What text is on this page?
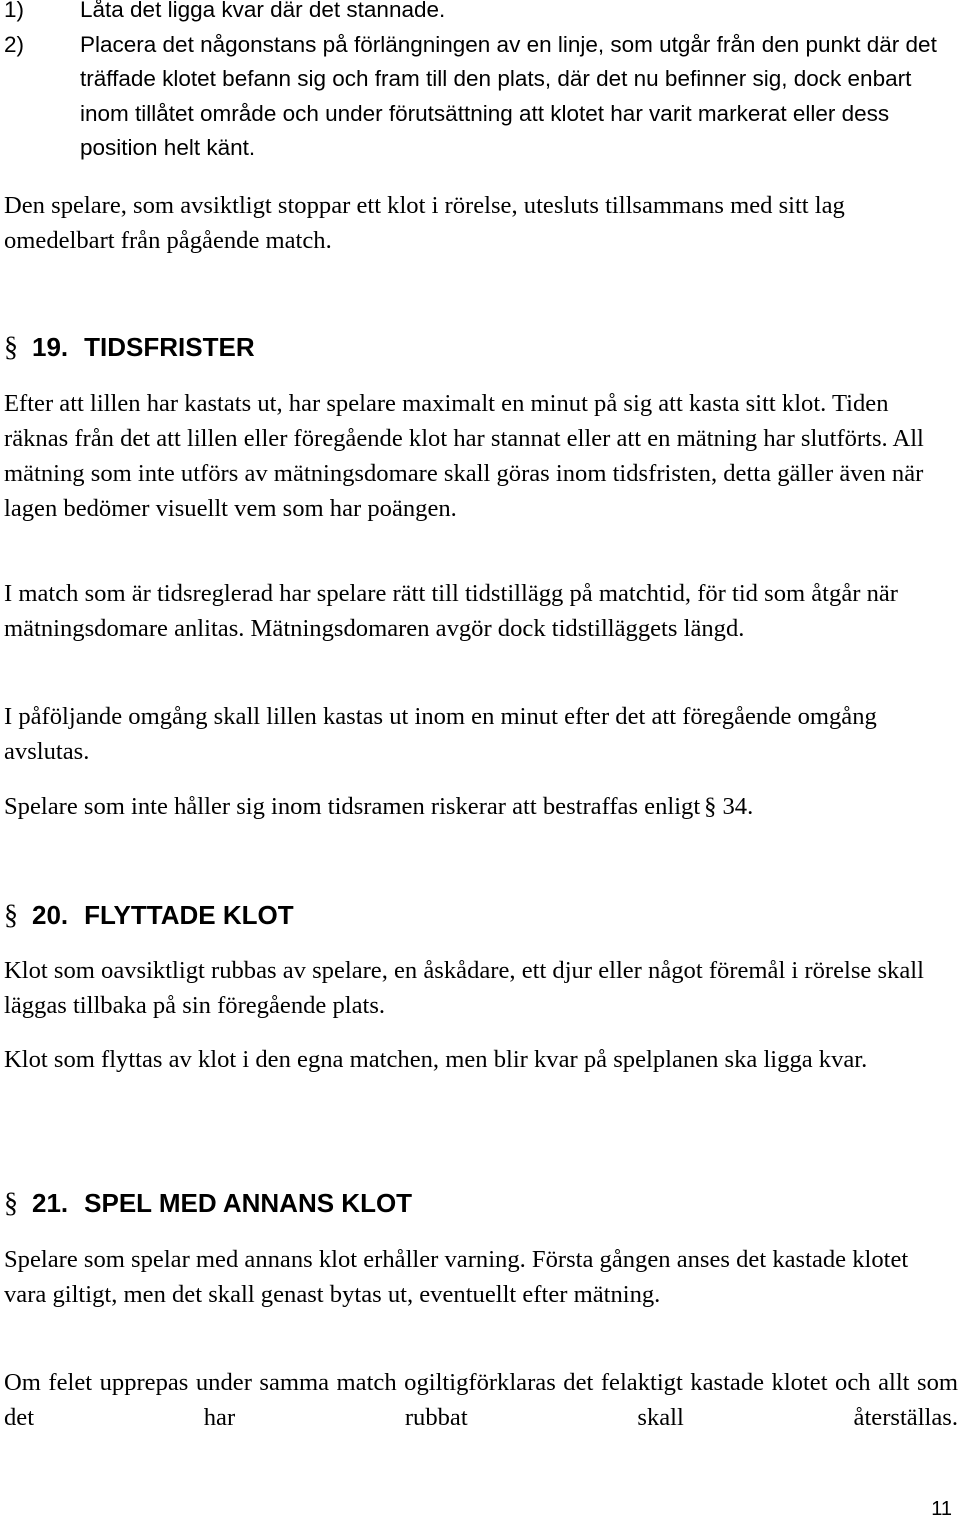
1) Låta det ligga kvar där det stannade.

2) Placera det någonstans på förlängningen av en linje, som utgår från den punkt där det träffade klotet befann sig och fram till den plats, där det nu befinner sig, dock enbart inom tillåtet område och under förutsättning att klotet har varit markerat eller dess position helt känt.

Den spelare, som avsiktligt stoppar ett klot i rörelse, utesluts tillsammans med sitt lag omedelbart från pågående match.

§ 19. TIDSFRISTER

Efter att lillen har kastats ut, har spelare maximalt en minut på sig att kasta sitt klot. Tiden räknas från det att lillen eller föregående klot har stannat eller att en mätning har slutförts. All mätning som inte utförs av mätningsdomare skall göras inom tidsfristen, detta gäller även när lagen bedömer visuellt vem som har poängen.

I match som är tidsreglerad har spelare rätt till tidstillägg på matchtid, för tid som åtgår när mätningsdomare anlitas. Mätningsdomaren avgör dock tidstilläggets längd.

I påföljande omgång skall lillen kastas ut inom en minut efter det att föregående omgång avslutas.

Spelare som inte håller sig inom tidsramen riskerar att bestraffas enligt § 34.

§ 20. FLYTTADE KLOT

Klot som oavsiktligt rubbas av spelare, en åskådare, ett djur eller något föremål i rörelse skall läggas tillbaka på sin föregående plats.

Klot som flyttas av klot i den egna matchen, men blir kvar på spelplanen ska ligga kvar.

§ 21. SPEL MED ANNANS KLOT

Spelare som spelar med annans klot erhåller varning. Första gången anses det kastade klotet vara giltigt, men det skall genast bytas ut, eventuellt efter mätning.

Om felet upprepas under samma match ogiltigförklaras det felaktigt kastade klotet och allt som det har rubbat skall återställas.

11
